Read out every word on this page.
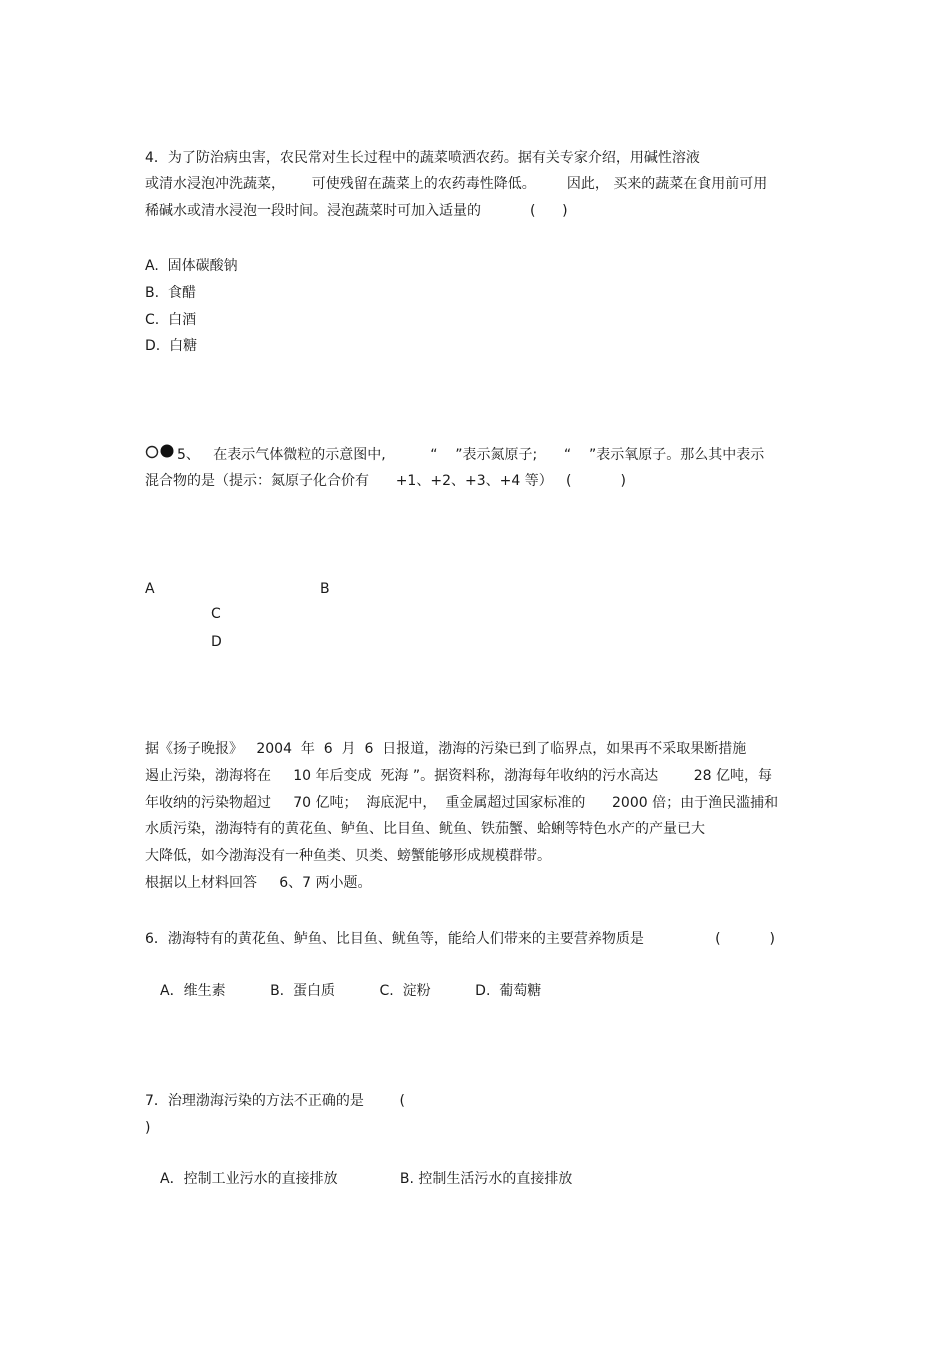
4．为了防治病虫害，农民常对生长过程中的蔬菜喷洒农药。据有关专家介绍，用碱性溶液
或清水浸泡冲洗蔬菜，      可使残留在蔬菜上的农药毒性降低。       因此， 买来的蔬菜在食用前可用
稀碱水或清水浸泡一段时间。浸泡蔬菜时可加入适量的           (      )
A.  固体碳酸钠
B.  食醋
C.  白酒
D.  白糖
5、   在表示气体微粒的示意图中,          “    ”表示氮原子;      “    ”表示氧原子。那么其中表示
混合物的是（提示：氮原子化合价有      +1、+2、+3、+4 等）   (           )
A	B
C
D
据《扬子晚报》   2004  年  6  月  6  日报道，渤海的污染已到了临界点，如果再不采取果断措施
遏止污染，渤海将在     10 年后变成  死海 ”。据资料称，渤海每年收纳的污水高达        28 亿吨，每
年收纳的污染物超过     70 亿吨；  海底泥中，  重金属超过国家标准的      2000 倍；由于渔民滥捕和
水质污染，渤海特有的黄花鱼、鲈鱼、比目鱼、鱿鱼、铁茄蟹、蛤蜊等特色水产的产量已大
大降低，如今渤海没有一种鱼类、贝类、螃蟹能够形成规模群带。
根据以上材料回答     6、7 两小题。
6．渤海特有的黄花鱼、鲈鱼、比目鱼、鱿鱼等，能给人们带来的主要营养物质是                (           )
A．维生素          B.  蛋白质          C.  淀粉          D.  葡萄糖
7．治理渤海污染的方法不正确的是        (
)
A．控制工业污水的直接排放              B. 控制生活污水的直接排放
